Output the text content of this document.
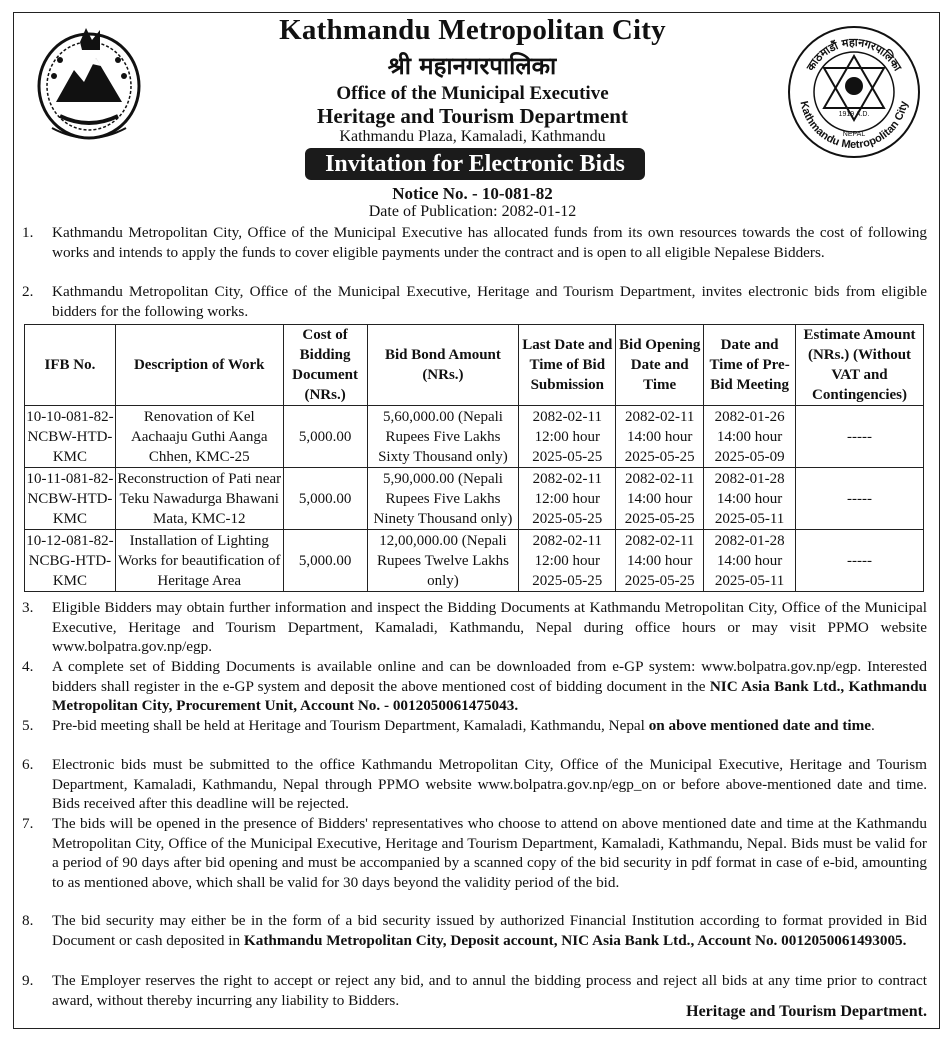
काठमाडौं महानगरपालिका
Kathmandu Metropolitan City
1919 A.D.
NEPAL
Kathmandu Metropolitan City
श्री महानगरपालिका
Office of the Municipal Executive
Heritage and Tourism Department
Kathmandu Plaza, Kamaladi, Kathmandu
Invitation for Electronic Bids
Notice No. - 10-081-82
Date of Publication: 2082-01-12
1.	Kathmandu Metropolitan City, Office of the Municipal Executive has allocated funds from its own resources towards the cost of following works and intends to apply the funds to cover eligible payments under the contract and is open to all eligible Nepalese Bidders.
2.	Kathmandu Metropolitan City, Office of the Municipal Executive, Heritage and Tourism Department, invites electronic bids from eligible bidders for the following works.
IFB No.	Description of Work	Cost of Bidding Document (NRs.)	Bid Bond Amount (NRs.)	Last Date and Time of Bid Submission	Bid Opening Date and Time	Date and Time of Pre-Bid Meeting	Estimate Amount (NRs.) (Without VAT and Contingencies)
10-10-081-82-NCBW-HTD-KMC	Renovation of Kel Aachaaju Guthi Aanga Chhen, KMC-25	5,000.00	5,60,000.00 (Nepali Rupees Five Lakhs Sixty Thousand only)	2082-02-11 12:00 hour 2025-05-25	2082-02-11 14:00 hour 2025-05-25	2082-01-26 14:00 hour 2025-05-09	-----
10-11-081-82-NCBW-HTD-KMC	Reconstruction of Pati near Teku Nawadurga Bhawani Mata, KMC-12	5,000.00	5,90,000.00 (Nepali Rupees Five Lakhs Ninety Thousand only)	2082-02-11 12:00 hour 2025-05-25	2082-02-11 14:00 hour 2025-05-25	2082-01-28 14:00 hour 2025-05-11	-----
10-12-081-82-NCBG-HTD-KMC	Installation of Lighting Works for beautification of Heritage Area	5,000.00	12,00,000.00 (Nepali Rupees Twelve Lakhs only)	2082-02-11 12:00 hour 2025-05-25	2082-02-11 14:00 hour 2025-05-25	2082-01-28 14:00 hour 2025-05-11	-----
3.	Eligible Bidders may obtain further information and inspect the Bidding Documents at Kathmandu Metropolitan City, Office of the Municipal Executive, Heritage and Tourism Department, Kamaladi, Kathmandu, Nepal during office hours or may visit PPMO website www.bolpatra.gov.np/egp.
4.	A complete set of Bidding Documents is available online and can be downloaded from e-GP system: www.bolpatra.gov.np/egp. Interested bidders shall register in the e-GP system and deposit the above mentioned cost of bidding document in the NIC Asia Bank Ltd., Kathmandu Metropolitan City, Procurement Unit, Account No. - 0012050061475043.
5.	Pre-bid meeting shall be held at Heritage and Tourism Department, Kamaladi, Kathmandu, Nepal on above mentioned date and time.
6.	Electronic bids must be submitted to the office Kathmandu Metropolitan City, Office of the Municipal Executive, Heritage and Tourism Department, Kamaladi, Kathmandu, Nepal through PPMO website www.bolpatra.gov.np/egp_on or before above-mentioned date and time. Bids received after this deadline will be rejected.
7.	The bids will be opened in the presence of Bidders' representatives who choose to attend on above mentioned date and time at the Kathmandu Metropolitan City, Office of the Municipal Executive, Heritage and Tourism Department, Kamaladi, Kathmandu, Nepal. Bids must be valid for a period of 90 days after bid opening and must be accompanied by a scanned copy of the bid security in pdf format in case of e-bid, amounting to as mentioned above, which shall be valid for 30 days beyond the validity period of the bid.
8.	The bid security may either be in the form of a bid security issued by authorized Financial Institution according to format provided in Bid Document or cash deposited in Kathmandu Metropolitan City, Deposit account, NIC Asia Bank Ltd., Account No. 0012050061493005.
9.	The Employer reserves the right to accept or reject any bid, and to annul the bidding process and reject all bids at any time prior to contract award, without thereby incurring any liability to Bidders.
Heritage and Tourism Department.
